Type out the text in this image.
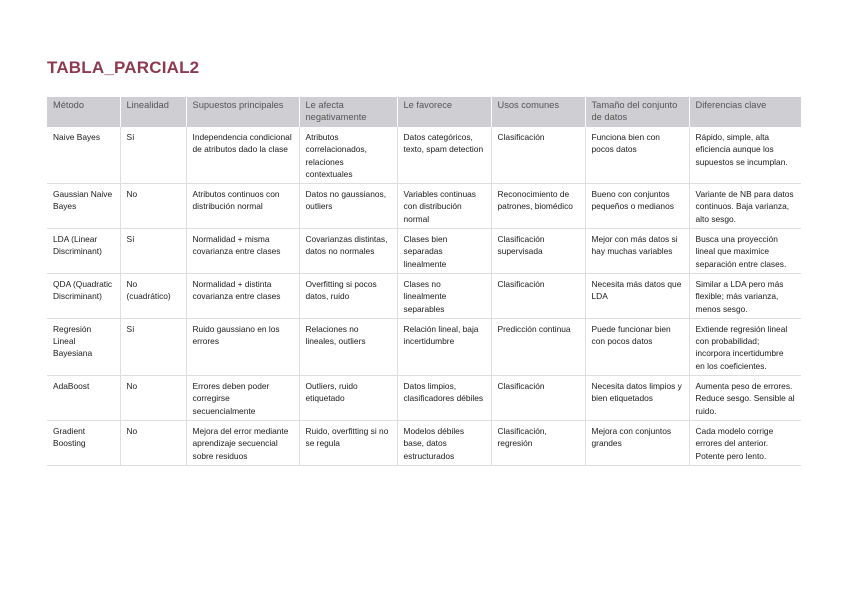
TABLA_PARCIAL2
Método	Linealidad	Supuestos principales	Le afecta negativamente	Le favorece	Usos comunes	Tamaño del conjunto de datos	Diferencias clave
Naive Bayes	Sí	Independencia condicional de atributos dado la clase	Atributos correlacionados, relaciones contextuales	Datos categóricos, texto, spam detection	Clasificación	Funciona bien con pocos datos	Rápido, simple, alta eficiencia aunque los supuestos se incumplan.
Gaussian Naive Bayes	No	Atributos continuos con distribución normal	Datos no gaussianos, outliers	Variables continuas con distribución normal	Reconocimiento de patrones, biomédico	Bueno con conjuntos pequeños o medianos	Variante de NB para datos continuos. Baja varianza, alto sesgo.
LDA (Linear Discriminant)	Sí	Normalidad + misma covarianza entre clases	Covarianzas distintas, datos no normales	Clases bien separadas linealmente	Clasificación supervisada	Mejor con más datos si hay muchas variables	Busca una proyección lineal que maximice separación entre clases.
QDA (Quadratic Discriminant)	No (cuadrático)	Normalidad + distinta covarianza entre clases	Overfitting si pocos datos, ruido	Clases no linealmente separables	Clasificación	Necesita más datos que LDA	Similar a LDA pero más flexible; más varianza, menos sesgo.
Regresión Lineal Bayesiana	Sí	Ruido gaussiano en los errores	Relaciones no lineales, outliers	Relación lineal, baja incertidumbre	Predicción continua	Puede funcionar bien con pocos datos	Extiende regresión lineal con probabilidad; incorpora incertidumbre en los coeficientes.
AdaBoost	No	Errores deben poder corregirse secuencialmente	Outliers, ruido etiquetado	Datos limpios, clasificadores débiles	Clasificación	Necesita datos limpios y bien etiquetados	Aumenta peso de errores. Reduce sesgo. Sensible al ruido.
Gradient Boosting	No	Mejora del error mediante aprendizaje secuencial sobre residuos	Ruido, overfitting si no se regula	Modelos débiles base, datos estructurados	Clasificación, regresión	Mejora con conjuntos grandes	Cada modelo corrige errores del anterior. Potente pero lento.
